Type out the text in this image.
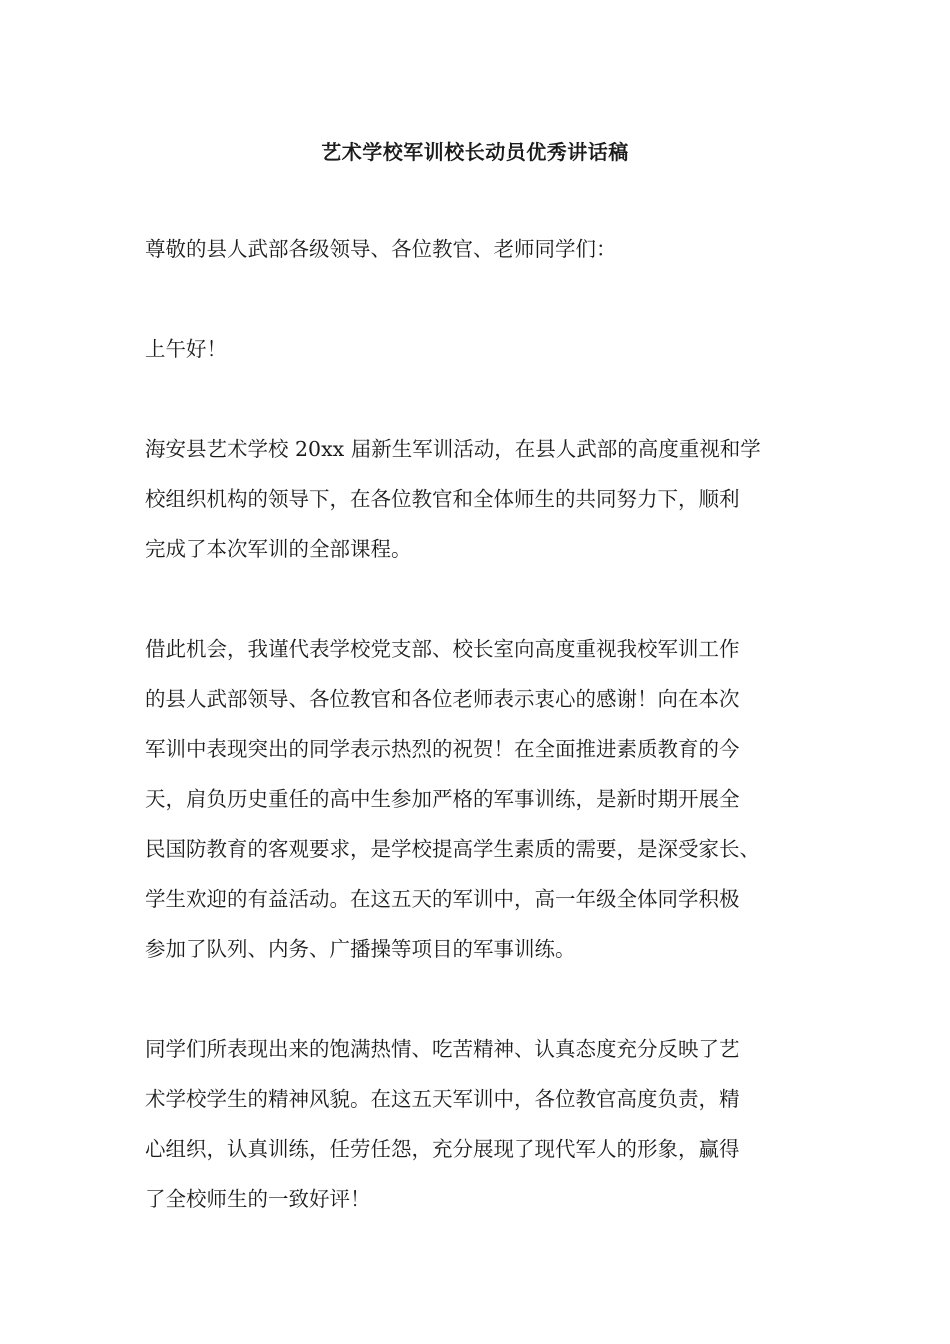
艺术学校军训校长动员优秀讲话稿
尊敬的县人武部各级领导、各位教官、老师同学们：
上午好！
海安县艺术学校 20xx 届新生军训活动，在县人武部的高度重视和学
校组织机构的领导下，在各位教官和全体师生的共同努力下，顺利
完成了本次军训的全部课程。
借此机会，我谨代表学校党支部、校长室向高度重视我校军训工作
的县人武部领导、各位教官和各位老师表示衷心的感谢！向在本次
军训中表现突出的同学表示热烈的祝贺！在全面推进素质教育的今
天，肩负历史重任的高中生参加严格的军事训练，是新时期开展全
民国防教育的客观要求，是学校提高学生素质的需要，是深受家长、
学生欢迎的有益活动。在这五天的军训中，高一年级全体同学积极
参加了队列、内务、广播操等项目的军事训练。
同学们所表现出来的饱满热情、吃苦精神、认真态度充分反映了艺
术学校学生的精神风貌。在这五天军训中，各位教官高度负责，精
心组织，认真训练，任劳任怨，充分展现了现代军人的形象，赢得
了全校师生的一致好评！
